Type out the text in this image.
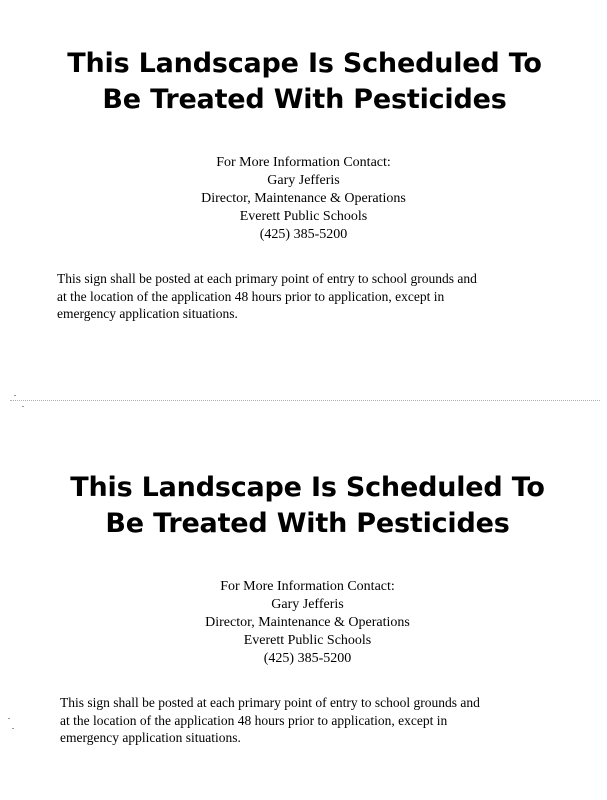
This Landscape Is Scheduled To
Be Treated With Pesticides
For More Information Contact:
Gary Jefferis
Director, Maintenance & Operations
Everett Public Schools
(425) 385-5200
This sign shall be posted at each primary point of entry to school grounds and
at the location of the application 48 hours prior to application, except in
emergency application situations.
This Landscape Is Scheduled To
Be Treated With Pesticides
For More Information Contact:
Gary Jefferis
Director, Maintenance & Operations
Everett Public Schools
(425) 385-5200
This sign shall be posted at each primary point of entry to school grounds and
at the location of the application 48 hours prior to application, except in
emergency application situations.
